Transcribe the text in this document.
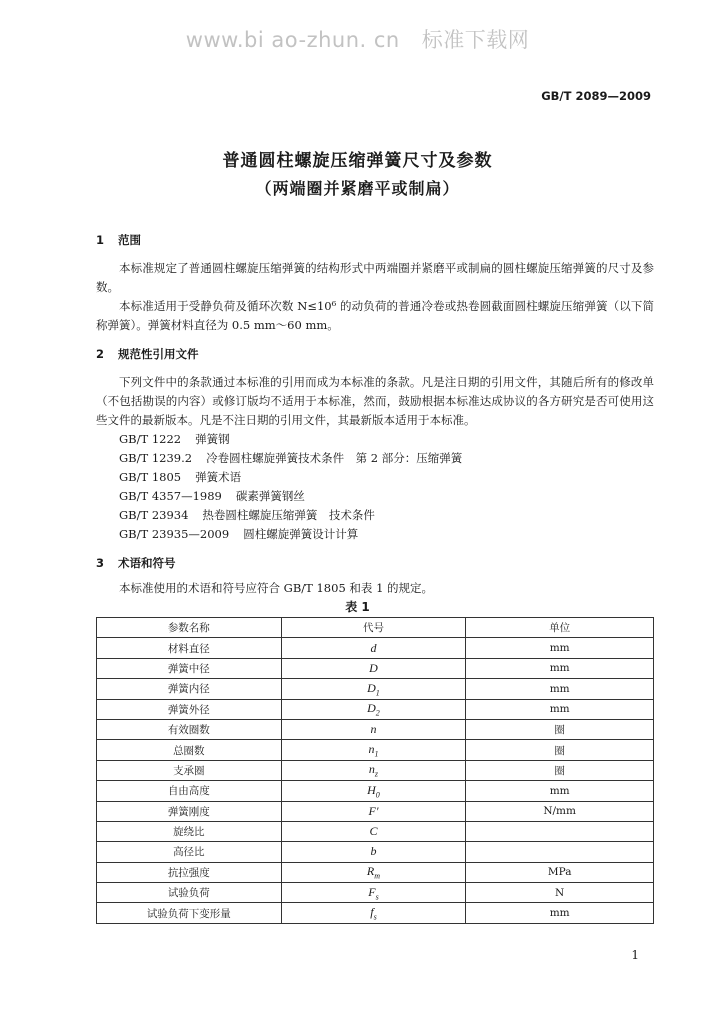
www.bi ao-zhun. cn 标准下载网
GB/T 2089—2009
普通圆柱螺旋压缩弹簧尺寸及参数
（两端圈并紧磨平或制扁）
1 范围
本标准规定了普通圆柱螺旋压缩弹簧的结构形式中两端圈并紧磨平或制扁的圆柱螺旋压缩弹簧的尺寸及参数。
本标准适用于受静负荷及循环次数 N≤10⁶ 的动负荷的普通冷卷或热卷圆截面圆柱螺旋压缩弹簧（以下简称弹簧）。弹簧材料直径为 0.5 mm～60 mm。
2 规范性引用文件
下列文件中的条款通过本标准的引用而成为本标准的条款。凡是注日期的引用文件，其随后所有的修改单（不包括勘误的内容）或修订版均不适用于本标准，然而，鼓励根据本标准达成协议的各方研究是否可使用这些文件的最新版本。凡是不注日期的引用文件，其最新版本适用于本标准。
GB/T 1222 弹簧钢
GB/T 1239.2 冷卷圆柱螺旋弹簧技术条件　第 2 部分：压缩弹簧
GB/T 1805 弹簧术语
GB/T 4357—1989 碳素弹簧钢丝
GB/T 23934 热卷圆柱螺旋压缩弹簧　技术条件
GB/T 23935—2009 圆柱螺旋弹簧设计计算
3 术语和符号
本标准使用的术语和符号应符合 GB/T 1805 和表 1 的规定。
表 1
参数名称	代号	单位
材料直径	d	mm
弹簧中径	D	mm
弹簧内径	$D_1$	mm
弹簧外径	$D_2$	mm
有效圈数	n	圈
总圈数	$n_1$	圈
支承圈	$n_z$	圈
自由高度	$H_0$	mm
弹簧刚度	F′	N/mm
旋绕比	C	
高径比	b	
抗拉强度	$R_m$	MPa
试验负荷	$F_s$	N
试验负荷下变形量	$f_s$	mm
1
